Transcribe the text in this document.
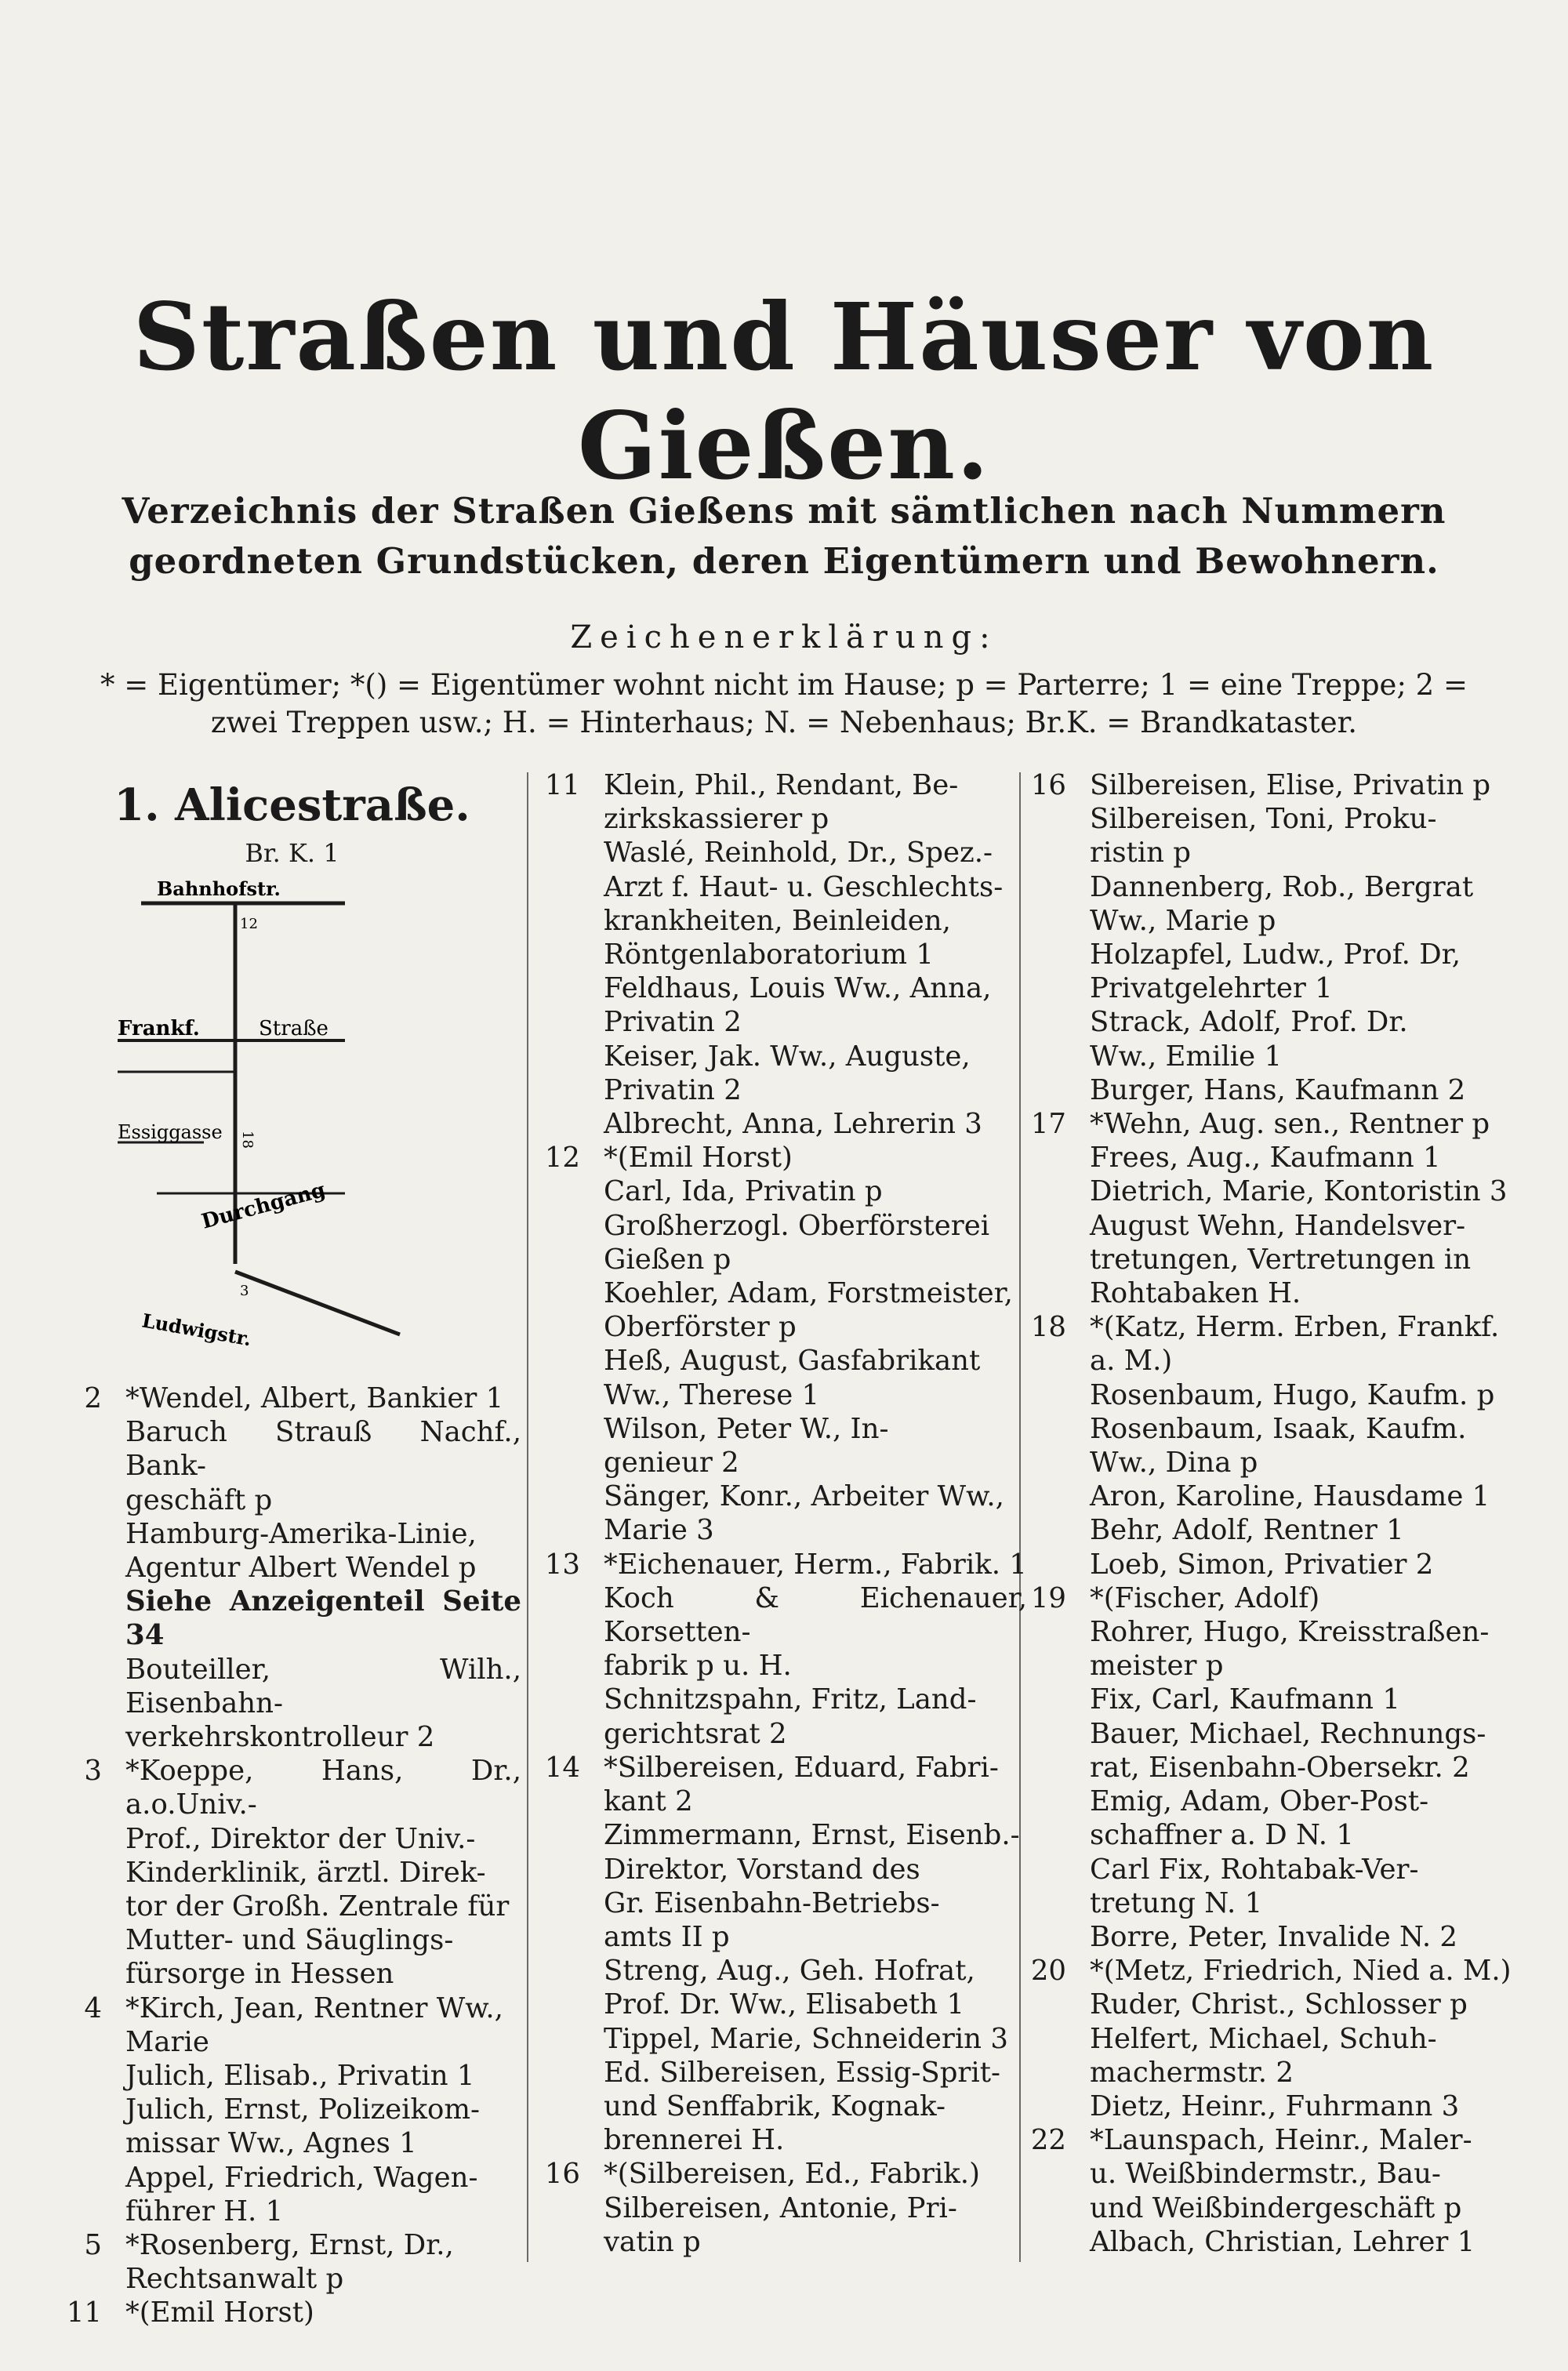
Straßen und Häuser von Gießen.
Verzeichnis der Straßen Gießens mit sämtlichen nach Nummern geordneten Grundstücken, deren Eigentümern und Bewohnern.
Zeichenerklärung:
* = Eigentümer; *() = Eigentümer wohnt nicht im Hause; p = Parterre; 1 = eine Treppe; 2 = zwei Treppen usw.; H. = Hinterhaus; N. = Nebenhaus; Br.K. = Brandkataster.
1. Alicestraße.
Br. K. 1
Bahnhofstr.
12
Frankf.	Straße
Essiggasse 18
Durchgang
3
Ludwigstr.
2 *Wendel, Albert, Bankier 1
Baruch Strauß Nachf., Bank-
geschäft p
Hamburg-Amerika-Linie,
Agentur Albert Wendel p
Siehe Anzeigenteil Seite 34
Bouteiller, Wilh., Eisenbahn-
verkehrskontrolleur 2
3 *Koeppe, Hans, Dr., a.o.Univ.-
Prof., Direktor der Univ.-
Kinderklinik, ärztl. Direk-
tor der Großh. Zentrale für
Mutter- und Säuglings-
fürsorge in Hessen
4 *Kirch, Jean, Rentner Ww.,
Marie
Julich, Elisab., Privatin 1
Julich, Ernst, Polizeikom-
missar Ww., Agnes 1
Appel, Friedrich, Wagen-
führer H. 1
5 *Rosenberg, Ernst, Dr.,
Rechtsanwalt p
11 *(Emil Horst)
11 Klein, Phil., Rendant, Be-
zirkskassierer p
Waslé, Reinhold, Dr., Spez.-
Arzt f. Haut- u. Geschlechts-
krankheiten, Beinleiden,
Röntgenlaboratorium 1
Feldhaus, Louis Ww., Anna,
Privatin 2
Keiser, Jak. Ww., Auguste,
Privatin 2
Albrecht, Anna, Lehrerin 3
12 *(Emil Horst)
Carl, Ida, Privatin p
Großherzogl. Oberförsterei
Gießen p
Koehler, Adam, Forstmeister,
Oberförster p
Heß, August, Gasfabrikant
Ww., Therese 1
Wilson, Peter W., In-
genieur 2
Sänger, Konr., Arbeiter Ww.,
Marie 3
13 *Eichenauer, Herm., Fabrik. 1
Koch & Eichenauer, Korsetten-
fabrik p u. H.
Schnitzspahn, Fritz, Land-
gerichtsrat 2
14 *Silbereisen, Eduard, Fabri-
kant 2
Zimmermann, Ernst, Eisenb.-
Direktor, Vorstand des
Gr. Eisenbahn-Betriebs-
amts II p
Streng, Aug., Geh. Hofrat,
Prof. Dr. Ww., Elisabeth 1
Tippel, Marie, Schneiderin 3
Ed. Silbereisen, Essig-Sprit-
und Senffabrik, Kognak-
brennerei H.
16 *(Silbereisen, Ed., Fabrik.)
Silbereisen, Antonie, Pri-
vatin p
16 Silbereisen, Elise, Privatin p
Silbereisen, Toni, Proku-
ristin p
Dannenberg, Rob., Bergrat
Ww., Marie p
Holzapfel, Ludw., Prof. Dr,
Privatgelehrter 1
Strack, Adolf, Prof. Dr.
Ww., Emilie 1
Burger, Hans, Kaufmann 2
17 *Wehn, Aug. sen., Rentner p
Frees, Aug., Kaufmann 1
Dietrich, Marie, Kontoristin 3
August Wehn, Handelsver-
tretungen, Vertretungen in
Rohtabaken H.
18 *(Katz, Herm. Erben, Frankf.
a. M.)
Rosenbaum, Hugo, Kaufm. p
Rosenbaum, Isaak, Kaufm.
Ww., Dina p
Aron, Karoline, Hausdame 1
Behr, Adolf, Rentner 1
Loeb, Simon, Privatier 2
19 *(Fischer, Adolf)
Rohrer, Hugo, Kreisstraßen-
meister p
Fix, Carl, Kaufmann 1
Bauer, Michael, Rechnungs-
rat, Eisenbahn-Obersekr. 2
Emig, Adam, Ober-Post-
schaffner a. D N. 1
Carl Fix, Rohtabak-Ver-
tretung N. 1
Borre, Peter, Invalide N. 2
20 *(Metz, Friedrich, Nied a. M.)
Ruder, Christ., Schlosser p
Helfert, Michael, Schuh-
machermstr. 2
Dietz, Heinr., Fuhrmann 3
22 *Launspach, Heinr., Maler-
u. Weißbindermstr., Bau-
und Weißbindergeschäft p
Albach, Christian, Lehrer 1
